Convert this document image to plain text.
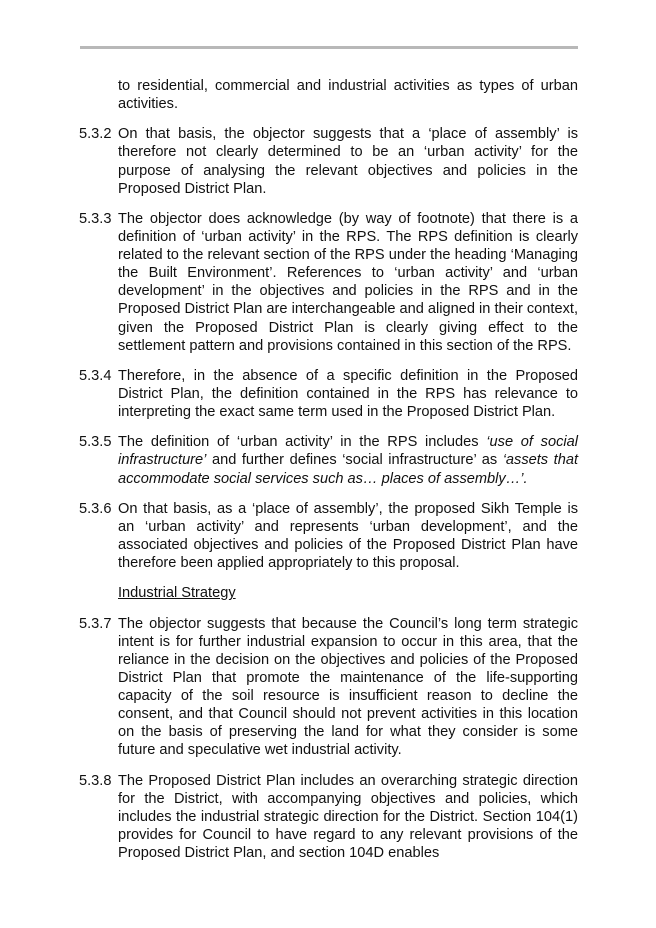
to residential, commercial and industrial activities as types of urban activities.
5.3.2 On that basis, the objector suggests that a ‘place of assembly’ is therefore not clearly determined to be an ‘urban activity’ for the purpose of analysing the relevant objectives and policies in the Proposed District Plan.
5.3.3 The objector does acknowledge (by way of footnote) that there is a definition of ‘urban activity’ in the RPS. The RPS definition is clearly related to the relevant section of the RPS under the heading ‘Managing the Built Environment’. References to ‘urban activity’ and ‘urban development’ in the objectives and policies in the RPS and in the Proposed District Plan are interchangeable and aligned in their context, given the Proposed District Plan is clearly giving effect to the settlement pattern and provisions contained in this section of the RPS.
5.3.4 Therefore, in the absence of a specific definition in the Proposed District Plan, the definition contained in the RPS has relevance to interpreting the exact same term used in the Proposed District Plan.
5.3.5 The definition of ‘urban activity’ in the RPS includes ‘use of social infrastructure’ and further defines ‘social infrastructure’ as ‘assets that accommodate social services such as… places of assembly…’.
5.3.6 On that basis, as a ‘place of assembly’, the proposed Sikh Temple is an ‘urban activity’ and represents ‘urban development’, and the associated objectives and policies of the Proposed District Plan have therefore been applied appropriately to this proposal.
Industrial Strategy
5.3.7 The objector suggests that because the Council’s long term strategic intent is for further industrial expansion to occur in this area, that the reliance in the decision on the objectives and policies of the Proposed District Plan that promote the maintenance of the life-supporting capacity of the soil resource is insufficient reason to decline the consent, and that Council should not prevent activities in this location on the basis of preserving the land for what they consider is some future and speculative wet industrial activity.
5.3.8 The Proposed District Plan includes an overarching strategic direction for the District, with accompanying objectives and policies, which includes the industrial strategic direction for the District. Section 104(1) provides for Council to have regard to any relevant provisions of the Proposed District Plan, and section 104D enables
